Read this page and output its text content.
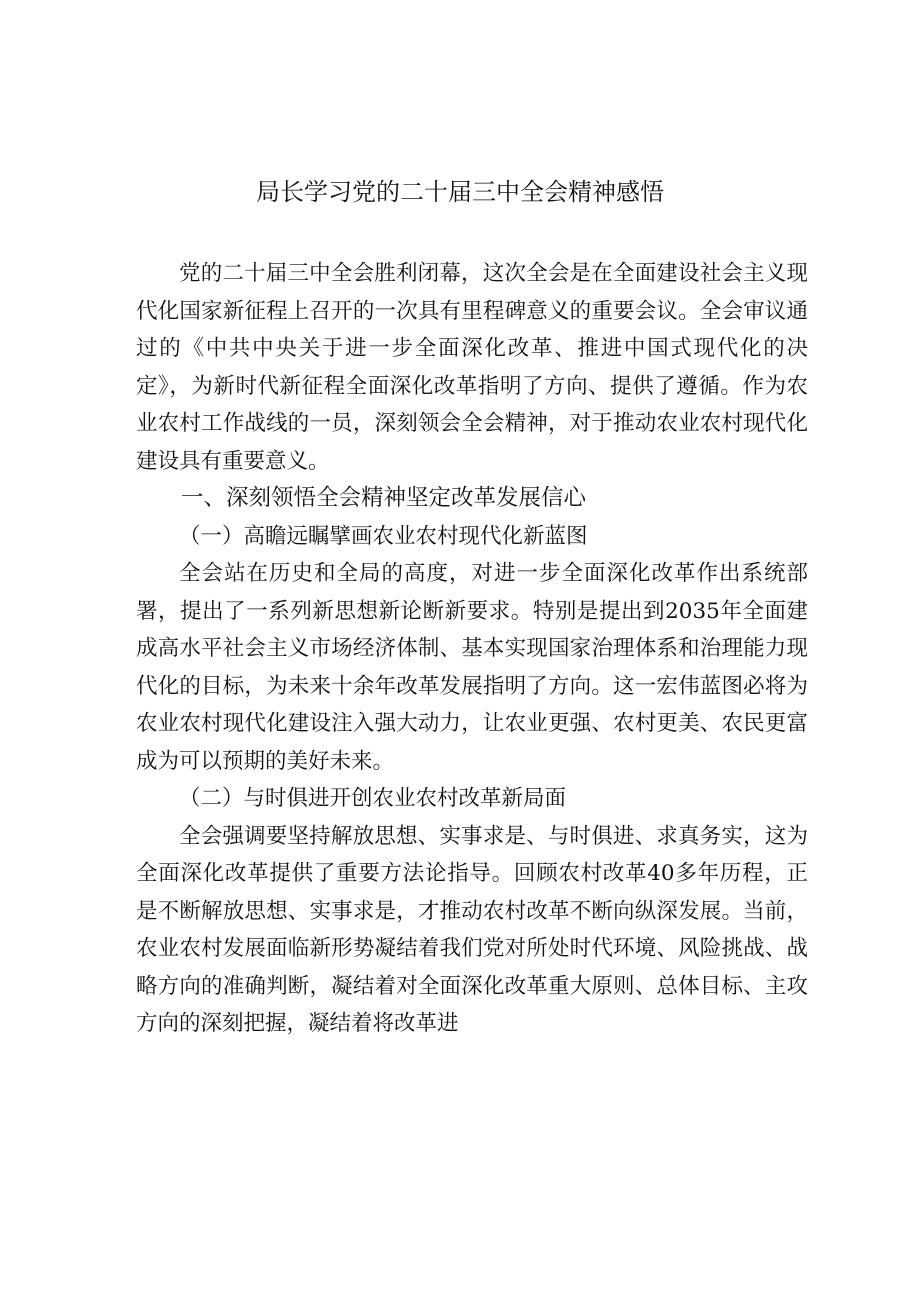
局长学习党的二十届三中全会精神感悟

党的二十届三中全会胜利闭幕，这次全会是在全面建设社会主义现代化国家新征程上召开的一次具有里程碑意义的重要会议。全会审议通过的《中共中央关于进一步全面深化改革、推进中国式现代化的决定》，为新时代新征程全面深化改革指明了方向、提供了遵循。作为农业农村工作战线的一员，深刻领会全会精神，对于推动农业农村现代化建设具有重要意义。

一、深刻领悟全会精神坚定改革发展信心

（一）高瞻远瞩擘画农业农村现代化新蓝图

全会站在历史和全局的高度，对进一步全面深化改革作出系统部署，提出了一系列新思想新论断新要求。特别是提出到2035年全面建成高水平社会主义市场经济体制、基本实现国家治理体系和治理能力现代化的目标，为未来十余年改革发展指明了方向。这一宏伟蓝图必将为农业农村现代化建设注入强大动力，让农业更强、农村更美、农民更富成为可以预期的美好未来。

（二）与时俱进开创农业农村改革新局面

全会强调要坚持解放思想、实事求是、与时俱进、求真务实，这为全面深化改革提供了重要方法论指导。回顾农村改革40多年历程，正是不断解放思想、实事求是，才推动农村改革不断向纵深发展。当前，农业农村发展面临新形势凝结着我们党对所处时代环境、风险挑战、战略方向的准确判断，凝结着对全面深化改革重大原则、总体目标、主攻方向的深刻把握，凝结着将改革进
